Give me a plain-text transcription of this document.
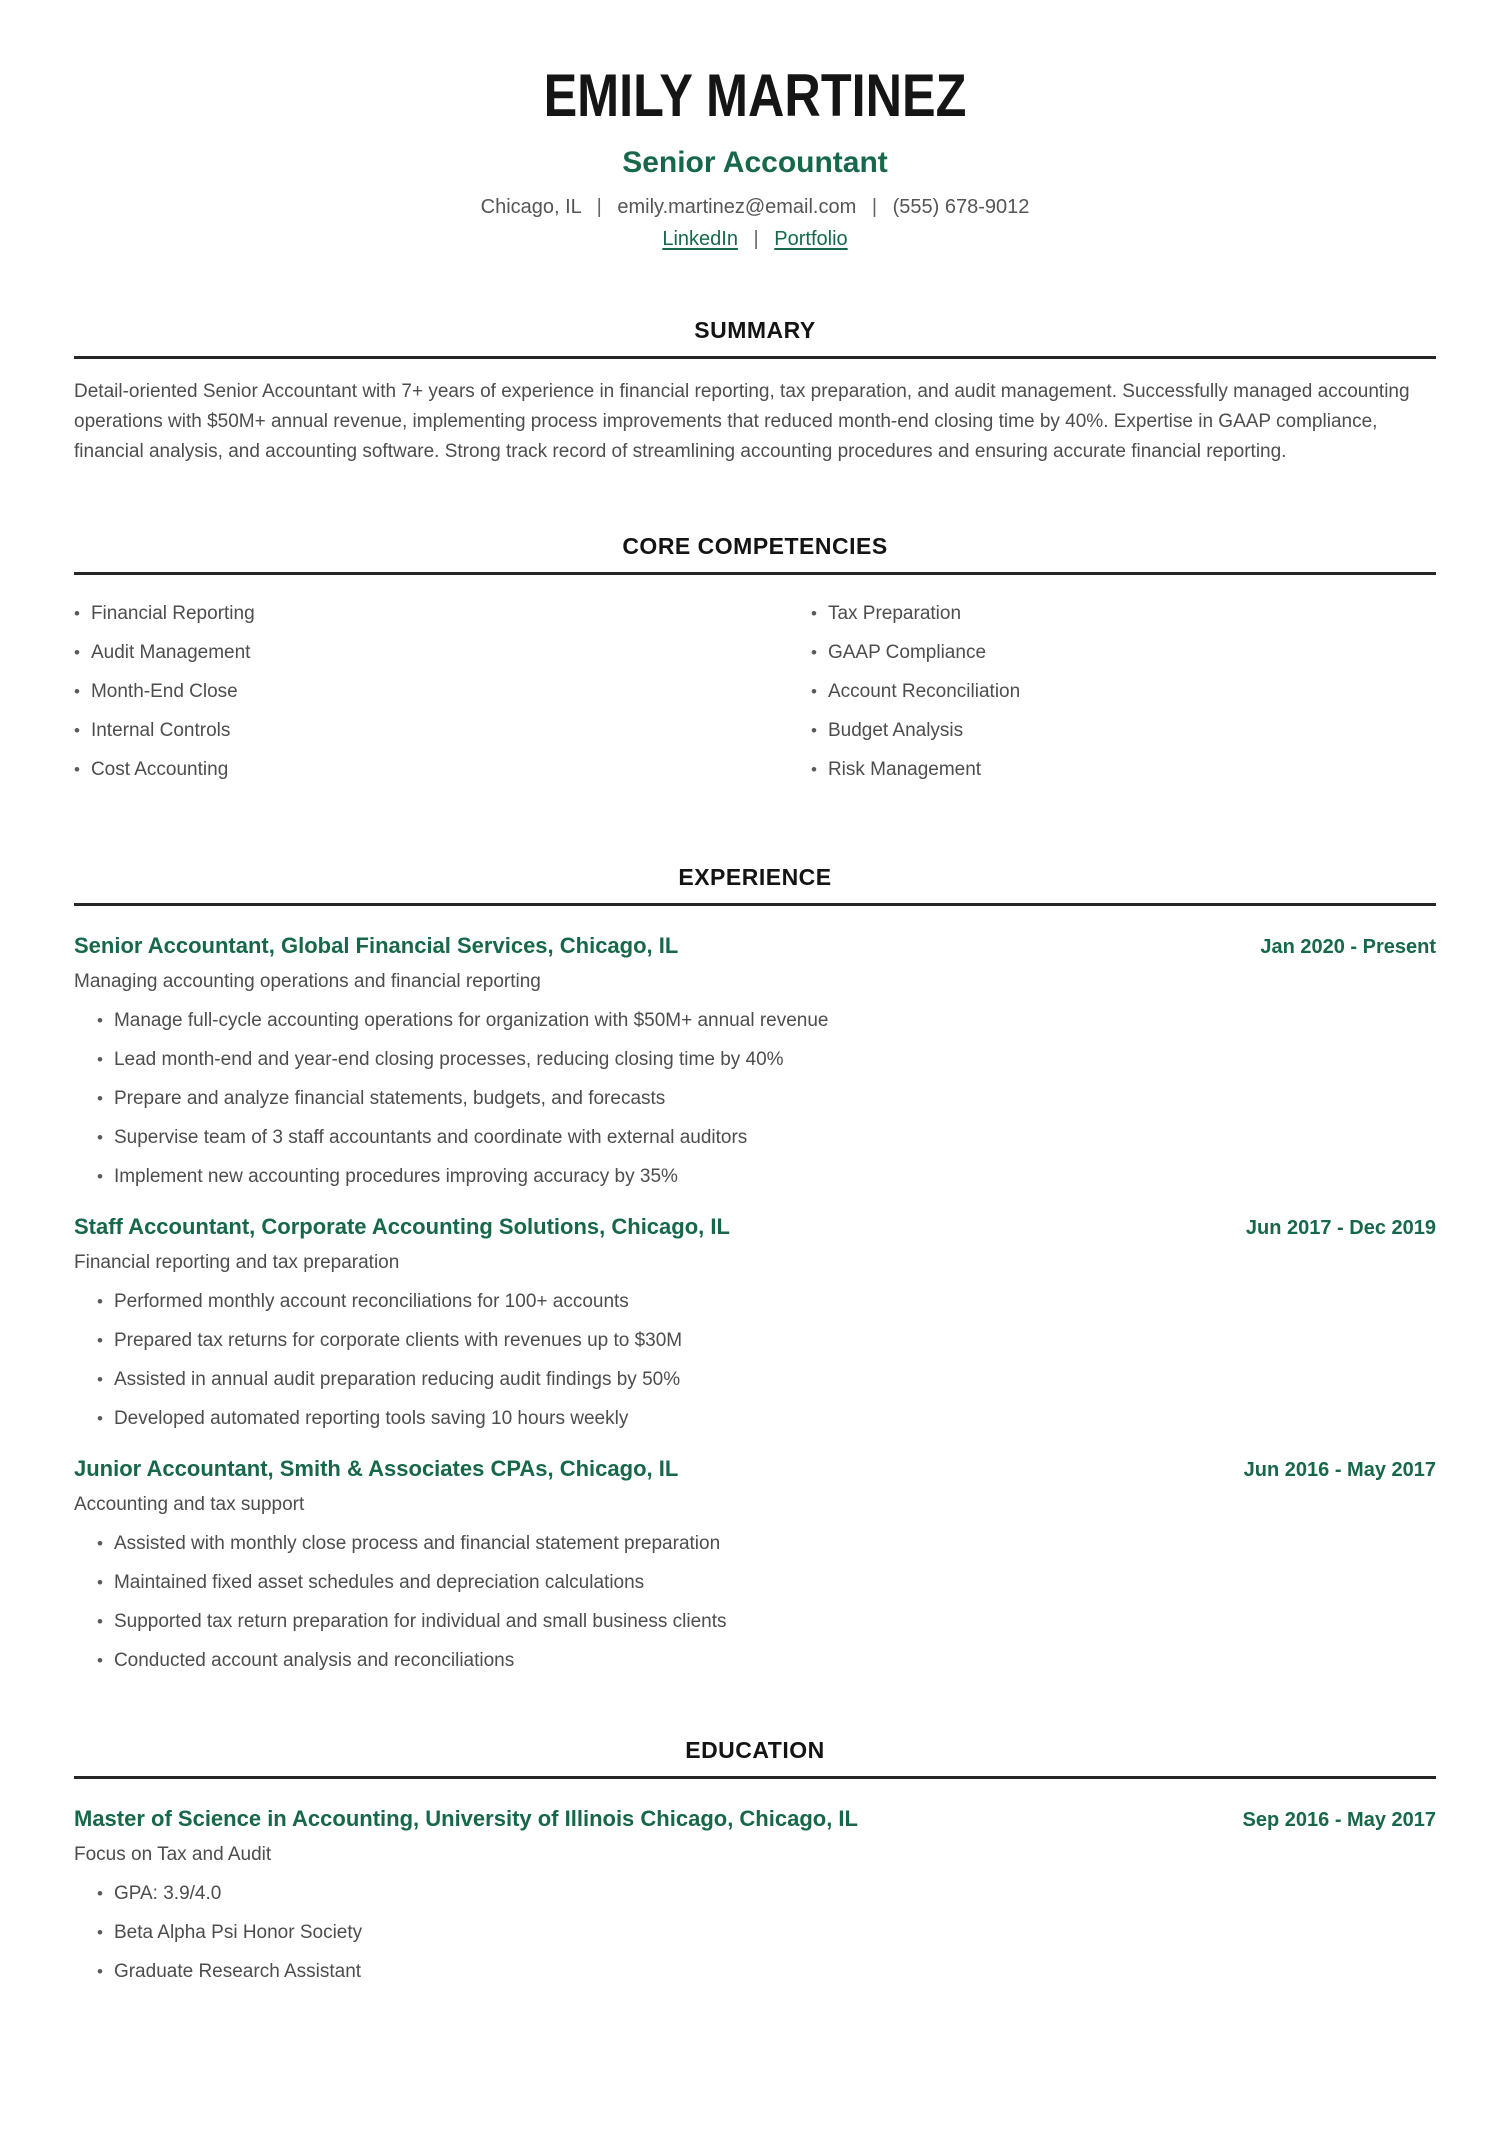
EMILY MARTINEZ
Senior Accountant
Chicago, IL | emily.martinez@email.com | (555) 678-9012
LinkedIn | Portfolio
SUMMARY

Detail-oriented Senior Accountant with 7+ years of experience in financial reporting, tax preparation, and audit management. Successfully managed accounting operations with $50M+ annual revenue, implementing process improvements that reduced month-end closing time by 40%. Expertise in GAAP compliance, financial analysis, and accounting software. Strong track record of streamlining accounting procedures and ensuring accurate financial reporting.

CORE COMPETENCIES
• Financial Reporting
• Audit Management
• Month-End Close
• Internal Controls
• Cost Accounting
• Tax Preparation
• GAAP Compliance
• Account Reconciliation
• Budget Analysis
• Risk Management
EXPERIENCE
Senior Accountant, Global Financial Services, Chicago, IL	Jan 2020 - Present

Managing accounting operations and financial reporting

• Manage full-cycle accounting operations for organization with $50M+ annual revenue
• Lead month-end and year-end closing processes, reducing closing time by 40%
• Prepare and analyze financial statements, budgets, and forecasts
• Supervise team of 3 staff accountants and coordinate with external auditors
• Implement new accounting procedures improving accuracy by 35%
Staff Accountant, Corporate Accounting Solutions, Chicago, IL	Jun 2017 - Dec 2019

Financial reporting and tax preparation

• Performed monthly account reconciliations for 100+ accounts
• Prepared tax returns for corporate clients with revenues up to $30M
• Assisted in annual audit preparation reducing audit findings by 50%
• Developed automated reporting tools saving 10 hours weekly
Junior Accountant, Smith & Associates CPAs, Chicago, IL	Jun 2016 - May 2017

Accounting and tax support

• Assisted with monthly close process and financial statement preparation
• Maintained fixed asset schedules and depreciation calculations
• Supported tax return preparation for individual and small business clients
• Conducted account analysis and reconciliations
EDUCATION
Master of Science in Accounting, University of Illinois Chicago, Chicago, IL	Sep 2016 - May 2017

Focus on Tax and Audit

• GPA: 3.9/4.0
• Beta Alpha Psi Honor Society
• Graduate Research Assistant
